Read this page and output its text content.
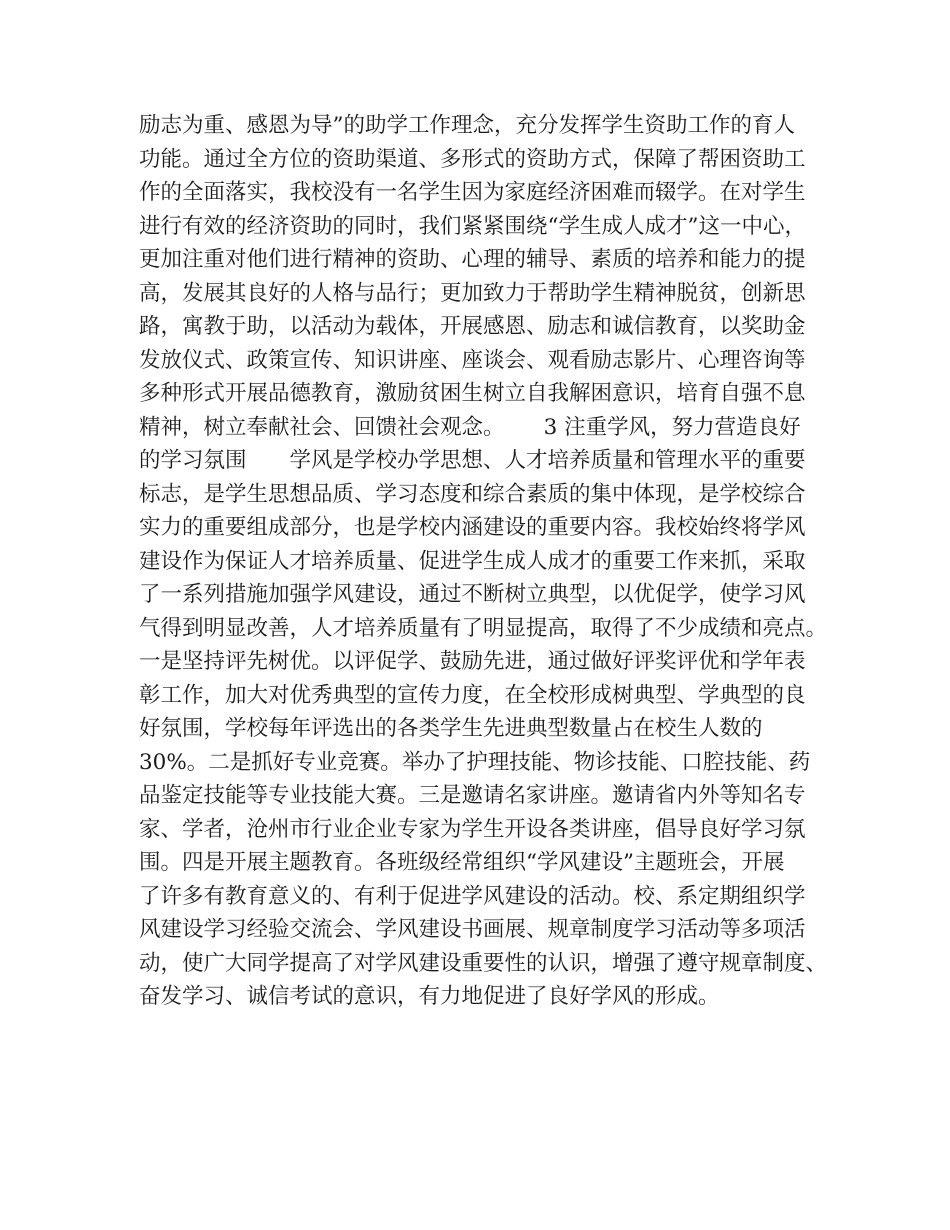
励志为重、感恩为导”的助学工作理念，充分发挥学生资助工作的育人
功能。通过全方位的资助渠道、多形式的资助方式，保障了帮困资助工
作的全面落实，我校没有一名学生因为家庭经济困难而辍学。在对学生
进行有效的经济资助的同时，我们紧紧围绕“学生成人成才”这一中心，
更加注重对他们进行精神的资助、心理的辅导、素质的培养和能力的提
高，发展其良好的人格与品行；更加致力于帮助学生精神脱贫，创新思
路，寓教于助，以活动为载体，开展感恩、励志和诚信教育，以奖助金
发放仪式、政策宣传、知识讲座、座谈会、观看励志影片、心理咨询等
多种形式开展品德教育，激励贫困生树立自我解困意识，培育自强不息
精神，树立奉献社会、回馈社会观念。　　 3 注重学风，努力营造良好
的学习氛围　　学风是学校办学思想、人才培养质量和管理水平的重要
标志，是学生思想品质、学习态度和综合素质的集中体现，是学校综合
实力的重要组成部分，也是学校内涵建设的重要内容。我校始终将学风
建设作为保证人才培养质量、促进学生成人成才的重要工作来抓，采取
了一系列措施加强学风建设，通过不断树立典型，以优促学，使学习风
气得到明显改善，人才培养质量有了明显提高，取得了不少成绩和亮点。
一是坚持评先树优。以评促学、鼓励先进，通过做好评奖评优和学年表
彰工作，加大对优秀典型的宣传力度，在全校形成树典型、学典型的良
好氛围，学校每年评选出的各类学生先进典型数量占在校生人数的
30%。二是抓好专业竞赛。举办了护理技能、物诊技能、口腔技能、药
品鉴定技能等专业技能大赛。三是邀请名家讲座。邀请省内外等知名专
家、学者，沧州市行业企业专家为学生开设各类讲座，倡导良好学习氛
围。四是开展主题教育。各班级经常组织“学风建设”主题班会，开展
了许多有教育意义的、有利于促进学风建设的活动。校、系定期组织学
风建设学习经验交流会、学风建设书画展、规章制度学习活动等多项活
动，使广大同学提高了对学风建设重要性的认识，增强了遵守规章制度、
奋发学习、诚信考试的意识，有力地促进了良好学风的形成。
